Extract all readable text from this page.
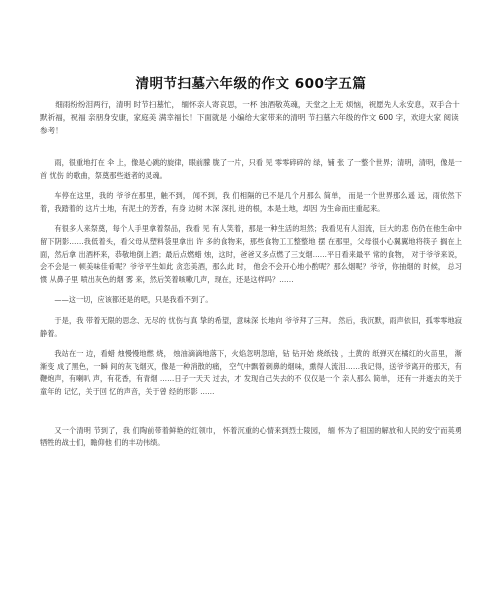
清明节扫墓六年级的作文 600字五篇

细雨纷纷泪两行，清明 时节扫墓忙， 缅怀亲人寄哀思，一杯 浊酒敬英魂，天堂之上无 烦恼，祝愿先人永安息，双手合十默祈福，祝福 亲朋身安康，家庭美 满幸福长！下面就是 小编给大家带来的清明 节扫墓六年级的作文 600 字，欢迎大家 阅读参考！

雨，很重地打在 伞 上，像是心跳的旋律，眼前朦 胧了一片，只看 见 零零碎碎的 绿，铺 张 了一整个世界；清明，清明，像是一首 忧伤 的歌曲，祭奠那些逝者的灵魂。

车停在这里，我的 爷爷在那里，触不到， 闻不到，我 们相隔的已不是几个月那么 简单， 而是一个世界那么遥 远，雨依然下着，我踏着的 这片土地，有泥土的芳香，有身 边树 木深 深扎 进的根，本是土地，却因 为生命而庄重起来。

有很多人来祭奠，每个人手里拿着祭品，我看 见 有人笑着，那是一种生活的坦然；我看见有人泪流，巨大的悲 伤仍在他生命中留下阴影……我低着头，看父母从塑料袋里拿出 许 多的食物来，那些食物工工整整地 摆 在那里，父母很小心翼翼地将筷子 搁在上面，然后拿 出酒杯来，恭敬地倒上酒；最后点燃蜡 烛，这时，爸爸又多点燃了三支烟……平日看来最平 常的食物， 对于爷爷来说，会不会是一 顿美味佳肴呢？爷爷平生如此 贪恋美酒，那么此 时， 他会不会开心地小酌呢？那么烟呢？爷爷，你抽烟的 时候， 总习惯 从鼻子里 喷出灰色的烟 雾 来，然后笑着咳嗽几声，现在，还是这样吗？……

——这一切，应该都还是的吧，只是我看不到了。

于是，我 带着无限的思念、无尽的 忧伤与真 挚的希望，意味深 长地向 爷爷拜了三拜。 然后，我沉默，雨声依旧，孤零零地寂静着。

我站在一 边，看蜡 烛慢慢地燃 烧， 烛油滴滴地落下，火焰忽明忽暗，钻 钻开始 烧纸钱 ，土黄的 纸弹灭在橘红的火苗里， 渐渐变 成了黑色，一瞬 间的灰飞烟灭，像是一种消散的痛， 空气中飘着刺鼻的烟味，熏得人流泪……我记得，送爷爷离开的那天，有鞭炮声，有喇叭 声，有花香，有青烟 ……日子一天天 过去，才 发现自己失去的不 仅仅是一个 亲人那么 简单， 还有一并逝去的关于童年的 记忆，关于回 忆的声音，关于曾 经的形影 ……

又一个清明 节到了，我 们陶前带着鲜艳的红领巾， 怀着沉重的心情来到烈士陵园， 缅 怀为了祖国的解放和人民的安宁而英勇 牺牲的战士们，瞻仰他 们的丰功伟绩。
